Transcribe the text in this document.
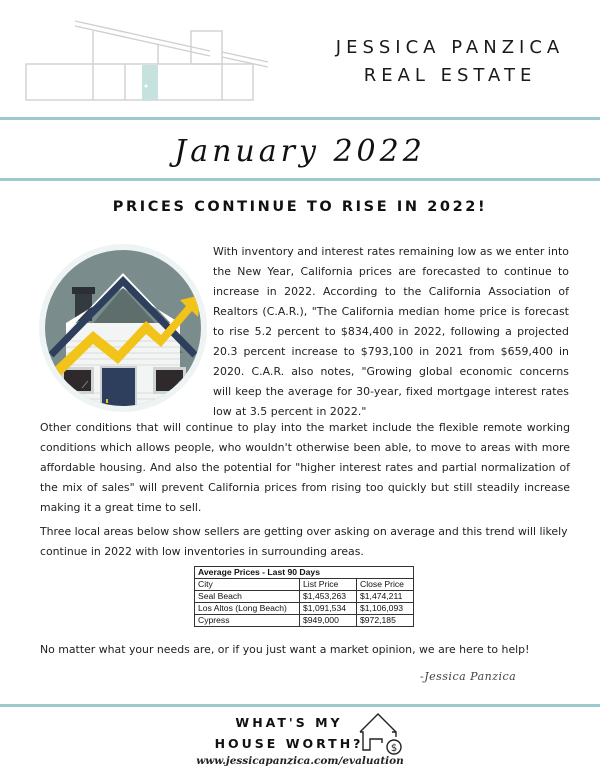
JESSICA PANZICA
REAL ESTATE
January 2022
PRICES CONTINUE TO RISE IN 2022!
With inventory and interest rates remaining low as we enter into
the New Year, California prices are forecasted to continue to
increase in 2022. According to the California Association of
Realtors (C.A.R.), "The California median home price is forecast
to rise 5.2 percent to $834,400 in 2022, following a projected
20.3 percent increase to $793,100 in 2021 from $659,400 in
2020. C.A.R. also notes, "Growing global economic concerns
will keep the average for 30-year, fixed mortgage interest rates
low at 3.5 percent in 2022."
Other conditions that will continue to play into the market include the flexible remote working
conditions which allows people, who wouldn't otherwise been able, to move to areas with more
affordable housing. And also the potential for "higher interest rates and partial normalization of
the mix of sales" will prevent California prices from rising too quickly but still steadily increase
making it a great time to sell.
Three local areas below show sellers are getting over asking on average and this trend will likely
continue in 2022 with low inventories in surrounding areas.
Average Prices - Last 90 Days		
City	List Price	Close Price
Seal Beach	$1,453,263	$1,474,211
Los Altos (Long Beach)	$1,091,534	$1,106,093
Cypress	$949,000	$972,185
No matter what your needs are, or if you just want a market opinion, we are here to help!
-Jessica Panzica
WHAT'S MY
HOUSE WORTH?	$
www.jessicapanzica.com/evaluation
